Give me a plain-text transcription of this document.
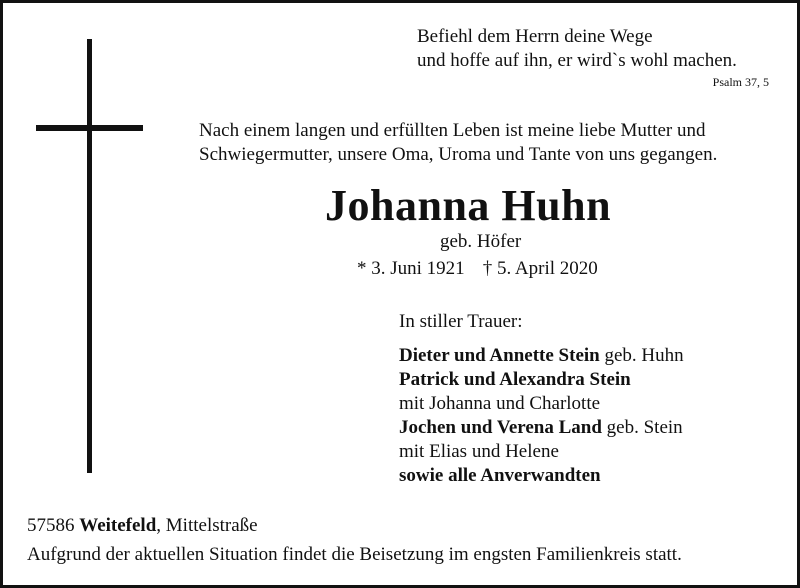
Befiehl dem Herrn deine Wege
und hoffe auf ihn, er wird`s wohl machen.
Psalm 37, 5
Nach einem langen und erfüllten Leben ist meine liebe Mutter und
Schwiegermutter, unsere Oma, Uroma und Tante von uns gegangen.
Johanna Huhn
geb. Höfer
* 3. Juni 1921 † 5. April 2020
In stiller Trauer:
Dieter und Annette Stein geb. Huhn
Patrick und Alexandra Stein
mit Johanna und Charlotte
Jochen und Verena Land geb. Stein
mit Elias und Helene
sowie alle Anverwandten
57586 Weitefeld, Mittelstraße
Aufgrund der aktuellen Situation findet die Beisetzung im engsten Familienkreis statt.
